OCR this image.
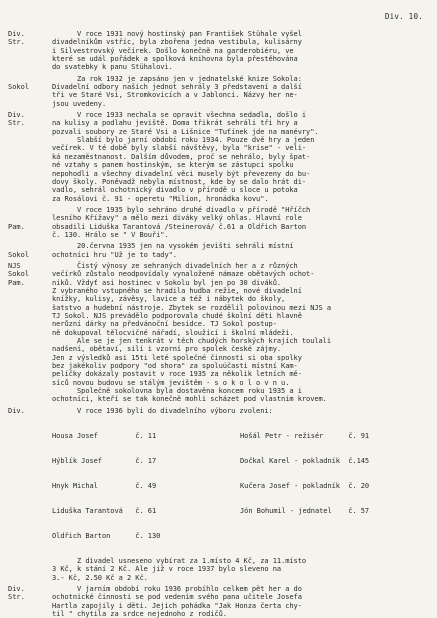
Div. 10.
Div.
Str.
V roce 1931 nový hostinský pan František Stühale vyšel
divadelníkům vstříc, byla zbořena jedna vestibula, kulisárny
i Silvestrovský večírek. Došlo konečně na garderobiéru, ve
které se udál pořádek a spolková knihovna byla přestěhována
do svatebky k panu Stühalovi.

Sokol
Za rok 1932 je zapsáno jen v jednatelské knize Sokola:
Divadelní odbory našich jednot sehrály 3 představení a další
tři ve Staré Vsi, Stromkovicích a v Jablonci. Názvy her ne-
jsou uvedeny.
Div.
Str.
V roce 1933 nechala se opravit všechna sedadla, došlo i
na kulisy a podlahu jeviště. Doma třikrát sehráli tři hry a
pozvali soubory ze Staré Vsi a Lišnice "Tuťínek jde na manévry".
Slabší bylo jarní období roku 1934. Pouze dvě hry a jeden
večírek. V té době byly slabší návštěvy, byla "krise" - veli-
ká nezaměstnanost. Dalším důvodem, proč se nehrálo, byly špat-
né vztahy s panem hostinským, se kterým se zástupci spolku
nepohodli a všechny divadelní věci musely být převezeny do bu-
dovy školy. Poněvadž nebyla místnost, kde by se dalo hrát di-
vadlo, sehrál ochotnický divadlo v přírodě u sloce u potoka
za Rosálovi č. 91 - operetu "Milion, hronádka kovu".

Pam.
V roce 1935 bylo sehráno druhé divadlo v přírodě "Hříčch
lesního Křížavy" a mělo mezi diváky velký ohlas. Hlavní role
obsadili Liduška Tarantová /Steinerová/ č.61 a Oldřich Barton
č. 130. Hrálo se " V Bouři".

Sokol
20.června 1935 jen na vysokém jevišti sehráli místní
ochotníci hru "Už je to tady".
NJS
Sokol
Pam.
Čistý výnosy ze sehraných divadelních her a z různých
večírků zůstalo neodpovídaly vynaložené námaze obětavých ochot-
níků. Vždyť asi hostinec v Sokolu byl jen po 30 diváků.
Z vybraného vstupného se hradila hudba režie, nové divadelní
knížky, kulisy, závěsy, lavice a též i nábytek do školy,
šatstvo a hudební nástroje. Zbytek se rozdělil polovinou mezi NJS a
TJ Sokol. NJS prevádělo podporovala chudé školní děti hlavně
nerůzní dárky na předvánoční besídce. TJ Sokol postup-
ně dokupoval tělocvičné nářadí, sloužící i školní mládeži.
Ale se je jen tenkrát v těch chudých horských krajích toulali
nadšení, obětaví, silí i vzorní pro spolek české zájmy.
Jen z výsledků asi 15ti leté společné činnosti si oba spolky
bez jakékoliv podpory "od shora" za spoluúčasti místní Kam-
pelíčky dokázaly postavit v roce 1935 za několik letních mě-
síců novou budovu se stálým jevištěm - s o k o l o v n u.
Společně sokolovna byla dostavěna koncem roku 1935 a i
ochotníci, kteří se tak konečně mohli scházet pod vlastním krovem.
Div.	V roce 1936 byli do divadelního výboru zvoleni:

Housa Josef         č. 11

Hýblík Josef        č. 17

Hnyk Michal         č. 49

Liduška Tarantová   č. 61

Oldřich Barton      č. 130

Hošál Petr - režisér      č. 91

Dočkal Karel - pokladník  č.145

Kučera Josef - pokladník  č. 20

Jón Bohumil - jednatel    č. 57

Z divadel usneseno vybírat za 1.místo 4 Kč, za 11.místo
3 Kč, k stání 2 Kč. Ale již v roce 1937 bylo sleveno na
3.- Kč, 2.50 Kč a 2 Kč.
Div.
Str.
V jarním období roku 1936 probíhlo celkem pět her a do
ochotnické činnosti se pod vedením svého pana učitele Josefa
Hartla zapojily i děti. Jejich pohádka "Jak Honza čerta chy-
til " chytila za srdce nejednoho z rodičů.
